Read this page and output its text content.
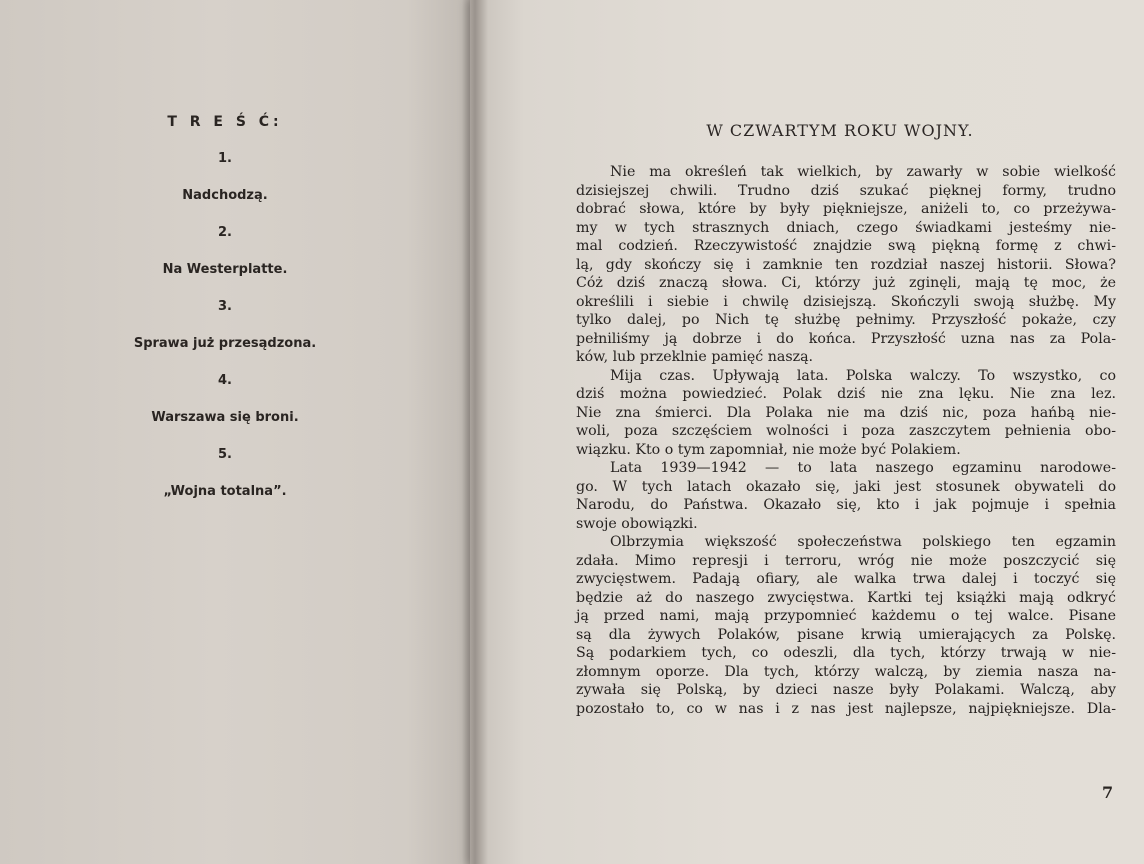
T R E Ś Ć:
1.
Nadchodzą.
2.
Na Westerplatte.
3.
Sprawa już przesądzona.
4.
Warszawa się broni.
5.
„Wojna totalna”.
W CZWARTYM ROKU WOJNY.
Nie ma określeń tak wielkich, by zawarły w sobie wielkość
dzisiejszej chwili. Trudno dziś szukać pięknej formy, trudno
dobrać słowa, które by były piękniejsze, aniżeli to, co przeżywa-
my w tych strasznych dniach, czego świadkami jesteśmy nie-
mal codzień. Rzeczywistość znajdzie swą piękną formę z chwi-
lą, gdy skończy się i zamknie ten rozdział naszej historii. Słowa?
Cóż dziś znaczą słowa. Ci, którzy już zginęli, mają tę moc, że
określili i siebie i chwilę dzisiejszą. Skończyli swoją służbę. My
tylko dalej, po Nich tę służbę pełnimy. Przyszłość pokaże, czy
pełniliśmy ją dobrze i do końca. Przyszłość uzna nas za Pola-
ków, lub przeklnie pamięć naszą.
Mija czas. Upływają lata. Polska walczy. To wszystko, co
dziś można powiedzieć. Polak dziś nie zna lęku. Nie zna lez.
Nie zna śmierci. Dla Polaka nie ma dziś nic, poza hańbą nie-
woli, poza szczęściem wolności i poza zaszczytem pełnienia obo-
wiązku. Kto o tym zapomniał, nie może być Polakiem.
Lata 1939—1942 — to lata naszego egzaminu narodowe-
go. W tych latach okazało się, jaki jest stosunek obywateli do
Narodu, do Państwa. Okazało się, kto i jak pojmuje i spełnia
swoje obowiązki.
Olbrzymia większość społeczeństwa polskiego ten egzamin
zdała. Mimo represji i terroru, wróg nie może poszczycić się
zwycięstwem. Padają ofiary, ale walka trwa dalej i toczyć się
będzie aż do naszego zwycięstwa. Kartki tej książki mają odkryć
ją przed nami, mają przypomnieć każdemu o tej walce. Pisane
są dla żywych Polaków, pisane krwią umierających za Polskę.
Są podarkiem tych, co odeszli, dla tych, którzy trwają w nie-
złomnym oporze. Dla tych, którzy walczą, by ziemia nasza na-
zywała się Polską, by dzieci nasze były Polakami. Walczą, aby
pozostało to, co w nas i z nas jest najlepsze, najpiękniejsze. Dla-
7
